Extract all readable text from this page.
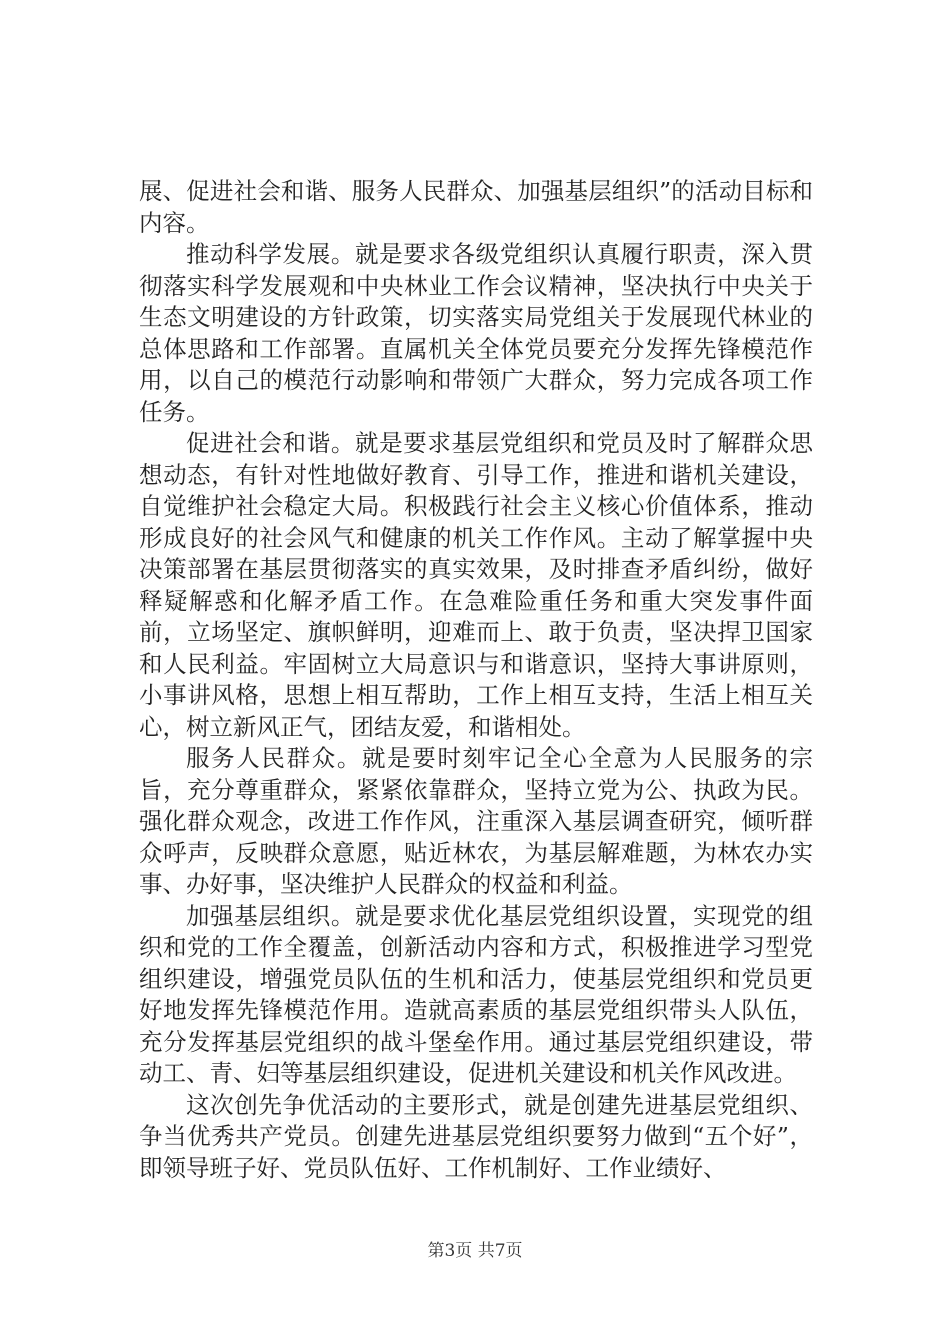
展、促进社会和谐、服务人民群众、加强基层组织”的活动目标和内容。

推动科学发展。就是要求各级党组织认真履行职责，深入贯彻落实科学发展观和中央林业工作会议精神，坚决执行中央关于生态文明建设的方针政策，切实落实局党组关于发展现代林业的总体思路和工作部署。直属机关全体党员要充分发挥先锋模范作用，以自己的模范行动影响和带领广大群众，努力完成各项工作任务。

促进社会和谐。就是要求基层党组织和党员及时了解群众思想动态，有针对性地做好教育、引导工作，推进和谐机关建设，自觉维护社会稳定大局。积极践行社会主义核心价值体系，推动形成良好的社会风气和健康的机关工作作风。主动了解掌握中央决策部署在基层贯彻落实的真实效果，及时排查矛盾纠纷，做好释疑解惑和化解矛盾工作。在急难险重任务和重大突发事件面前，立场坚定、旗帜鲜明，迎难而上、敢于负责，坚决捍卫国家和人民利益。牢固树立大局意识与和谐意识，坚持大事讲原则，小事讲风格，思想上相互帮助，工作上相互支持，生活上相互关心，树立新风正气，团结友爱，和谐相处。

服务人民群众。就是要时刻牢记全心全意为人民服务的宗旨，充分尊重群众，紧紧依靠群众，坚持立党为公、执政为民。强化群众观念，改进工作作风，注重深入基层调查研究，倾听群众呼声，反映群众意愿，贴近林农，为基层解难题，为林农办实事、办好事，坚决维护人民群众的权益和利益。

加强基层组织。就是要求优化基层党组织设置，实现党的组织和党的工作全覆盖，创新活动内容和方式，积极推进学习型党组织建设，增强党员队伍的生机和活力，使基层党组织和党员更好地发挥先锋模范作用。造就高素质的基层党组织带头人队伍，充分发挥基层党组织的战斗堡垒作用。通过基层党组织建设，带动工、青、妇等基层组织建设，促进机关建设和机关作风改进。

这次创先争优活动的主要形式，就是创建先进基层党组织、争当优秀共产党员。创建先进基层党组织要努力做到“五个好”，即领导班子好、党员队伍好、工作机制好、工作业绩好、

第3页 共7页
